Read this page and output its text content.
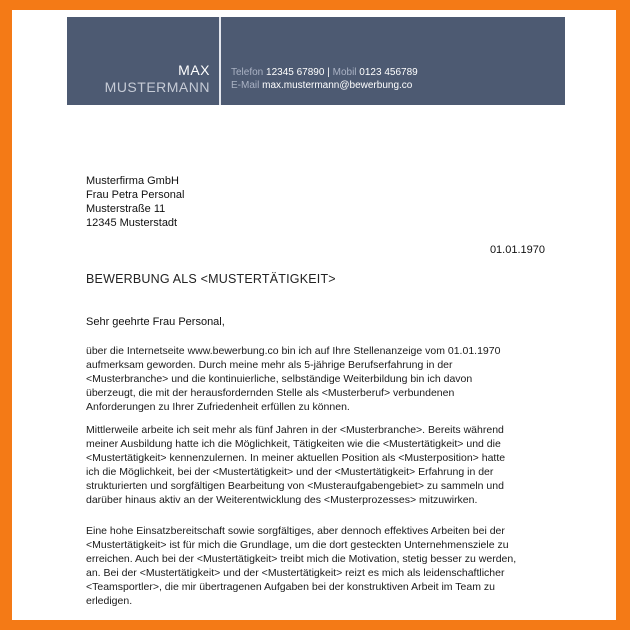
MAX
MUSTERMANN
Telefon 12345 67890 | Mobil 0123 456789
E-Mail max.mustermann@bewerbung.co
Musterfirma GmbH
Frau Petra Personal
Musterstraße 11
12345 Musterstadt
01.01.1970
BEWERBUNG ALS <MUSTERTÄTIGKEIT>
Sehr geehrte Frau Personal,
über die Internetseite www.bewerbung.co bin ich auf Ihre Stellenanzeige vom 01.01.1970
aufmerksam geworden. Durch meine mehr als 5-jährige Berufserfahrung in der
<Musterbranche> und die kontinuierliche, selbständige Weiterbildung bin ich davon
überzeugt, die mit der herausfordernden Stelle als <Musterberuf> verbundenen
Anforderungen zu Ihrer Zufriedenheit erfüllen zu können.
Mittlerweile arbeite ich seit mehr als fünf Jahren in der <Musterbranche>. Bereits während
meiner Ausbildung hatte ich die Möglichkeit, Tätigkeiten wie die <Mustertätigkeit> und die
<Mustertätigkeit> kennenzulernen. In meiner aktuellen Position als <Musterposition> hatte
ich die Möglichkeit, bei der <Mustertätigkeit> und der <Mustertätigkeit> Erfahrung in der
strukturierten und sorgfältigen Bearbeitung von <Musteraufgabengebiet> zu sammeln und
darüber hinaus aktiv an der Weiterentwicklung des <Musterprozesses> mitzuwirken.
Eine hohe Einsatzbereitschaft sowie sorgfältiges, aber dennoch effektives Arbeiten bei der
<Mustertätigkeit> ist für mich die Grundlage, um die dort gesteckten Unternehmensziele zu
erreichen. Auch bei der <Mustertätigkeit> treibt mich die Motivation, stetig besser zu werden,
an. Bei der <Mustertätigkeit> und der <Mustertätigkeit> reizt es mich als leidenschaftlicher
<Teamsportler>, die mir übertragenen Aufgaben bei der konstruktiven Arbeit im Team zu
erledigen.
